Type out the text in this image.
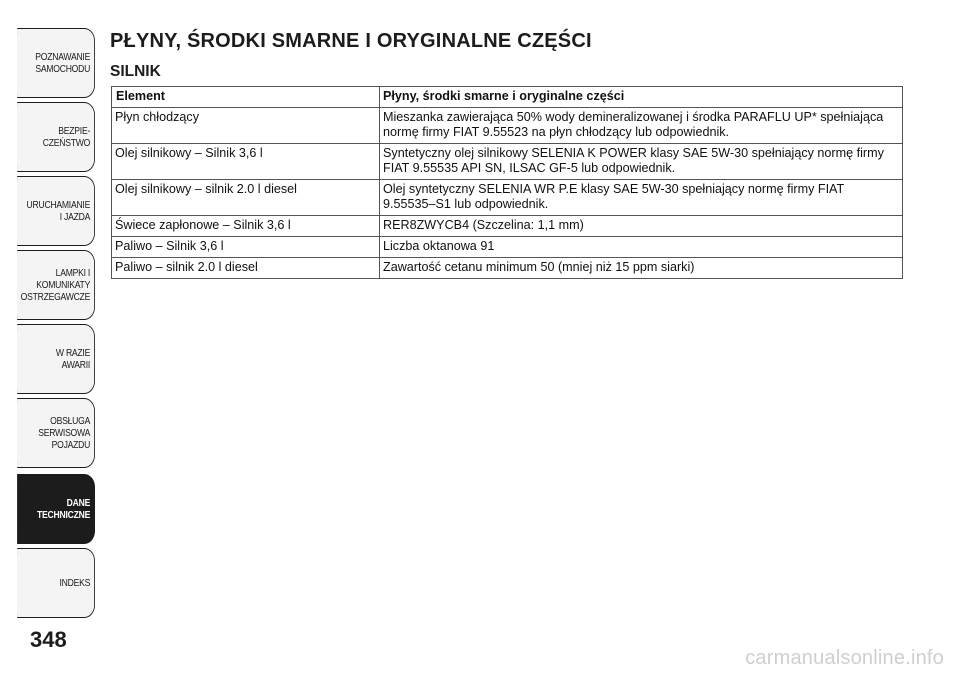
POZNAWANIE
SAMOCHODU
BEZPIE-
CZEŃSTWO
URUCHAMIANIE
I JAZDA
LAMPKI I
KOMUNIKATY
OSTRZEGAWCZE
W RAZIE
AWARII
OBSŁUGA
SERWISOWA
POJAZDU
DANE
TECHNICZNE
INDEKS
348
PŁYNY, ŚRODKI SMARNE I ORYGINALNE CZĘŚCI
SILNIK
Element	Płyny, środki smarne i oryginalne części
Płyn chłodzący	Mieszanka zawierająca 50% wody demineralizowanej i środka PARAFLU UP* spełniająca normę firmy FIAT 9.55523 na płyn chłodzący lub odpowiednik.
Olej silnikowy – Silnik 3,6 l	Syntetyczny olej silnikowy SELENIA K POWER klasy SAE 5W-30 spełniający normę firmy FIAT 9.55535 API SN, ILSAC GF-5 lub odpowiednik.
Olej silnikowy – silnik 2.0 l diesel	Olej syntetyczny SELENIA WR P.E klasy SAE 5W-30 spełniający normę firmy FIAT 9.55535–S1 lub odpowiednik.
Świece zapłonowe – Silnik 3,6 l	RER8ZWYCB4 (Szczelina: 1,1 mm)
Paliwo – Silnik 3,6 l	Liczba oktanowa 91
Paliwo – silnik 2.0 l diesel	Zawartość cetanu minimum 50 (mniej niż 15 ppm siarki)
carmanualsonline.info
